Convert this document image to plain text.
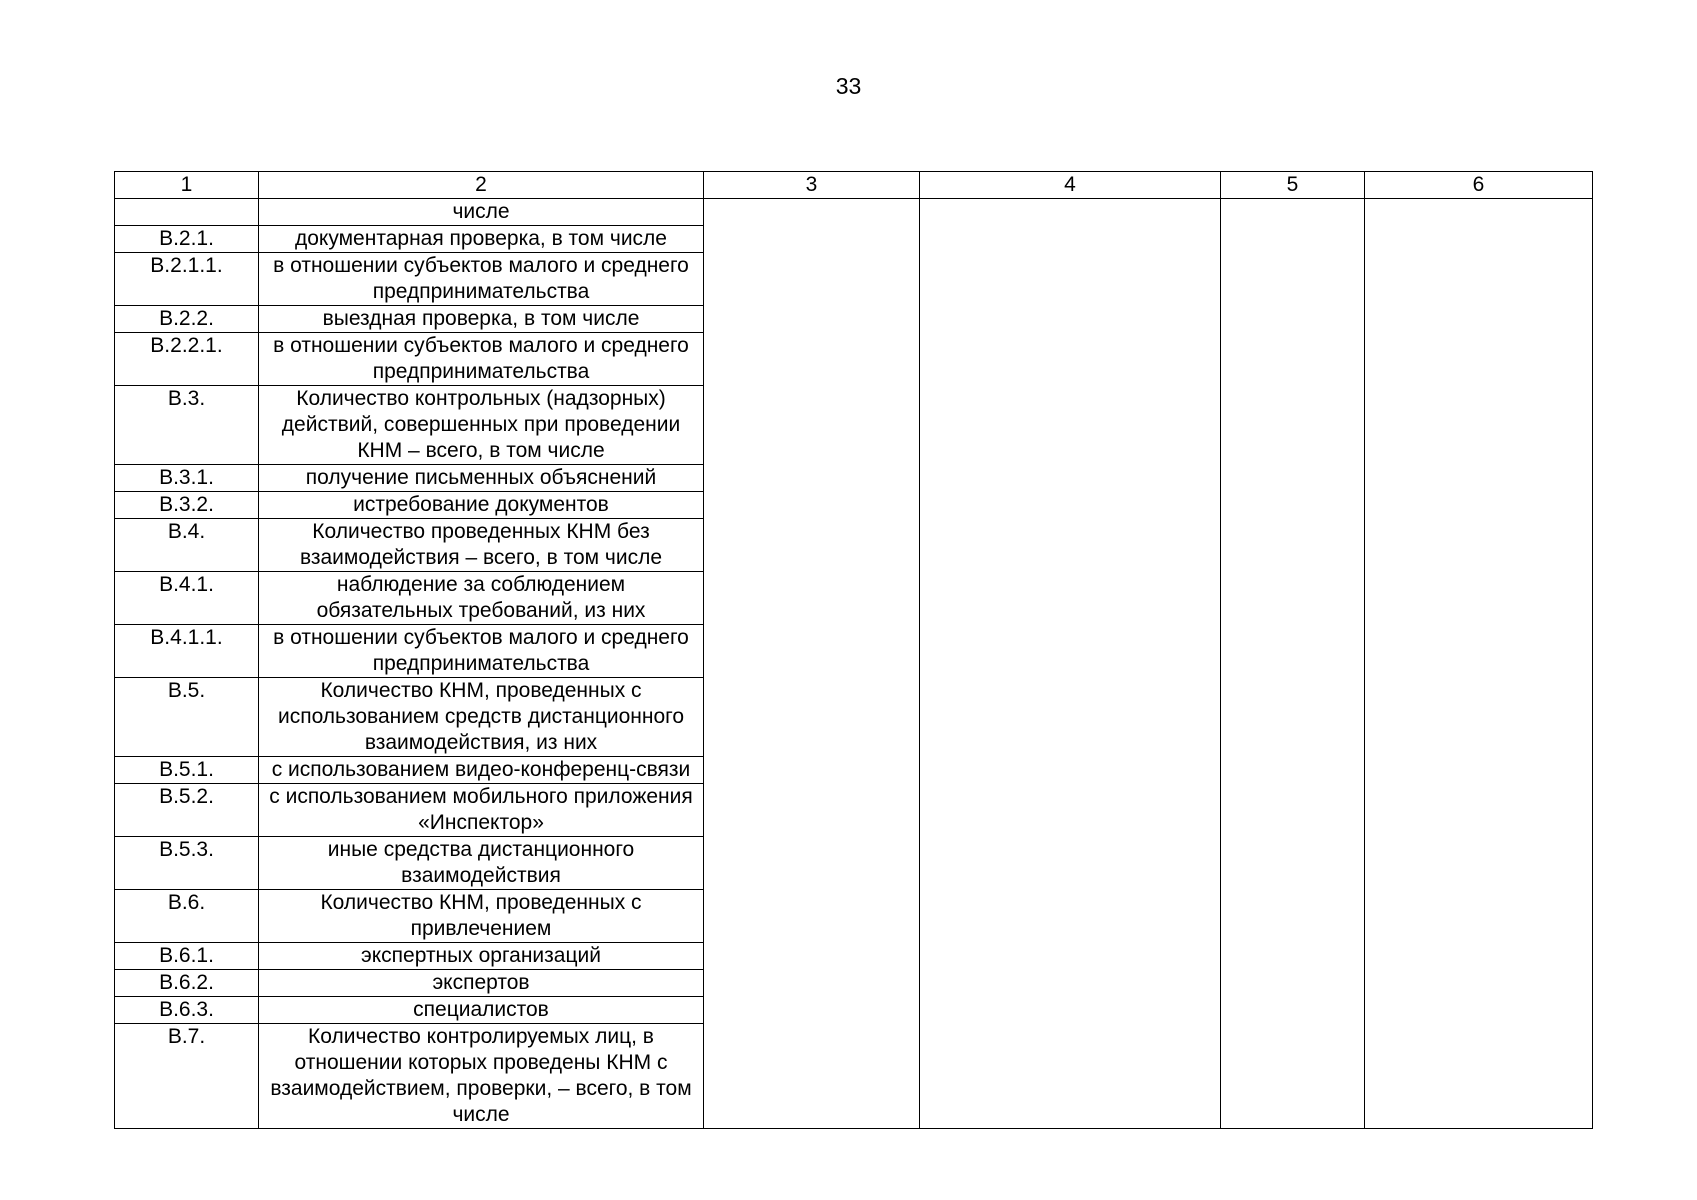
33
1	2	3	4	5	6
	числе				
В.2.1.	документарная проверка, в том числе				
В.2.1.1.	в отношении субъектов малого и среднего предпринимательства				
В.2.2.	выездная проверка, в том числе				
В.2.2.1.	в отношении субъектов малого и среднего предпринимательства				
В.3.	Количество контрольных (надзорных) действий, совершенных при проведении КНМ – всего, в том числе				
В.3.1.	получение письменных объяснений				
В.3.2.	истребование документов				
В.4.	Количество проведенных КНМ без взаимодействия – всего, в том числе				
В.4.1.	наблюдение за соблюдением обязательных требований, из них				
В.4.1.1.	в отношении субъектов малого и среднего предпринимательства				
В.5.	Количество КНМ, проведенных с использованием средств дистанционного взаимодействия, из них				
В.5.1.	с использованием видео-конференц-связи				
В.5.2.	с использованием мобильного приложения «Инспектор»				
В.5.3.	иные средства дистанционного взаимодействия				
В.6.	Количество КНМ, проведенных с привлечением				
В.6.1.	экспертных организаций				
В.6.2.	экспертов				
В.6.3.	специалистов				
В.7.	Количество контролируемых лиц, в отношении которых проведены КНМ с взаимодействием, проверки, – всего, в том числе				
